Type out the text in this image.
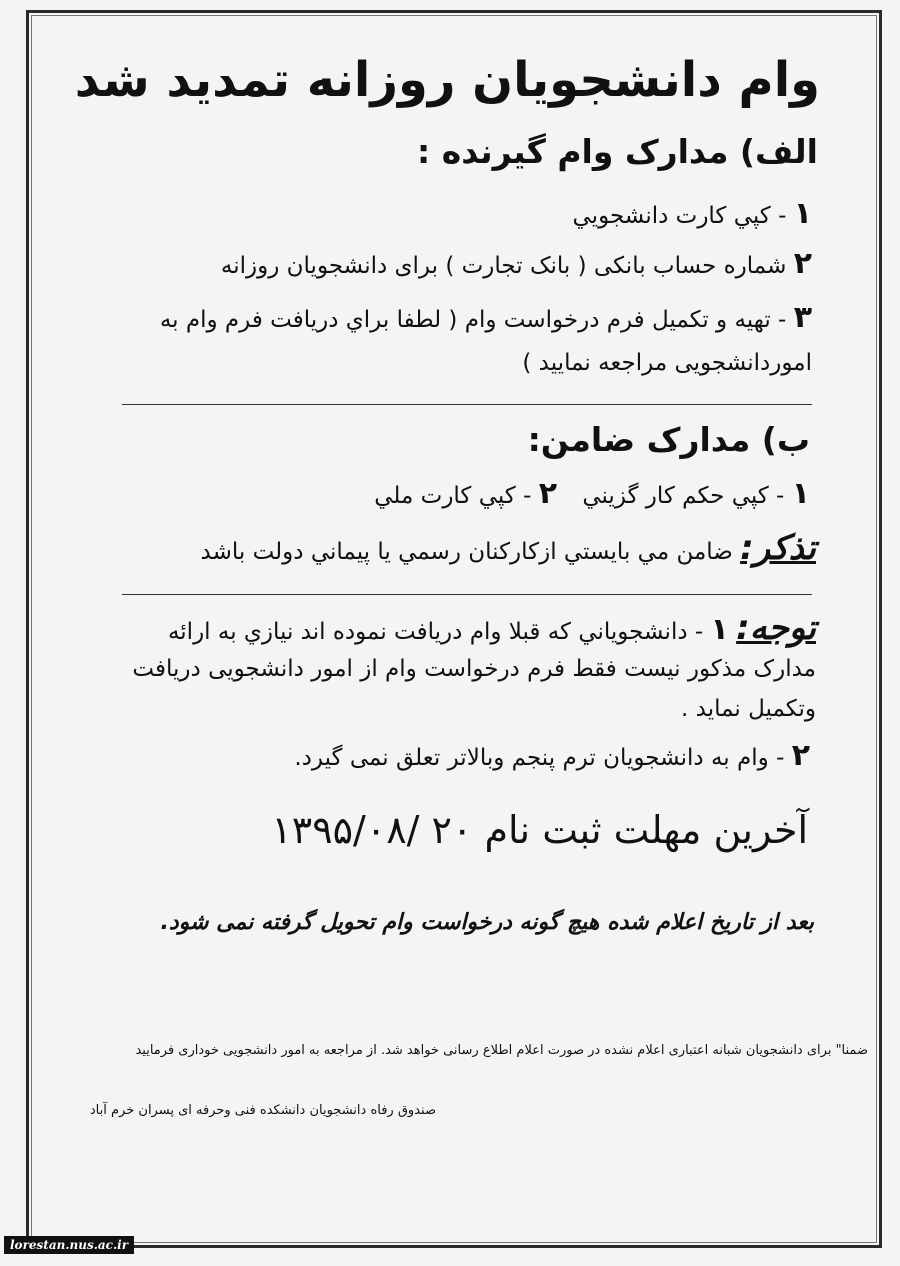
وام دانشجویان روزانه تمدید شد
الف) مدارک وام گیرنده :
۱ - کپي کارت دانشجويي
۲ شماره حساب بانکی ( بانک تجارت ) برای دانشجویان روزانه
۳ - تهیه و تکمیل فرم درخواست وام ( لطفا براي دريافت فرم وام به
اموردانشجویی مراجعه نمایید )
ب) مدارک ضامن:
۱ - کپي حکم کار گزيني ۲ - کپي کارت ملي
تذکر: ضامن مي بايستي ازکارکنان رسمي يا پيماني دولت باشد
توجه: ۱ - دانشجوياني که قبلا وام دريافت نموده اند نيازي به ارائه
مدارک مذکور نیست فقط فرم درخواست وام از امور دانشجویی دریافت
وتکمیل نماید .
۲ - وام به دانشجویان ترم پنجم وبالاتر تعلق نمی گیرد.
آخرین مهلت ثبت نام ۲۰ /۱۳۹۵/۰۸
بعد از تاریخ اعلام شده هیچ گونه درخواست وام تحویل گرفته نمی شود.
ضمنا" برای دانشجویان شبانه اعتباری اعلام نشده در صورت اعلام اطلاع رسانی خواهد شد. از مراجعه به امور دانشجویی خوداری فرمایید
صندوق رفاه دانشجویان دانشکده فنی وحرفه ای پسران خرم آباد
lorestan.nus.ac.ir
